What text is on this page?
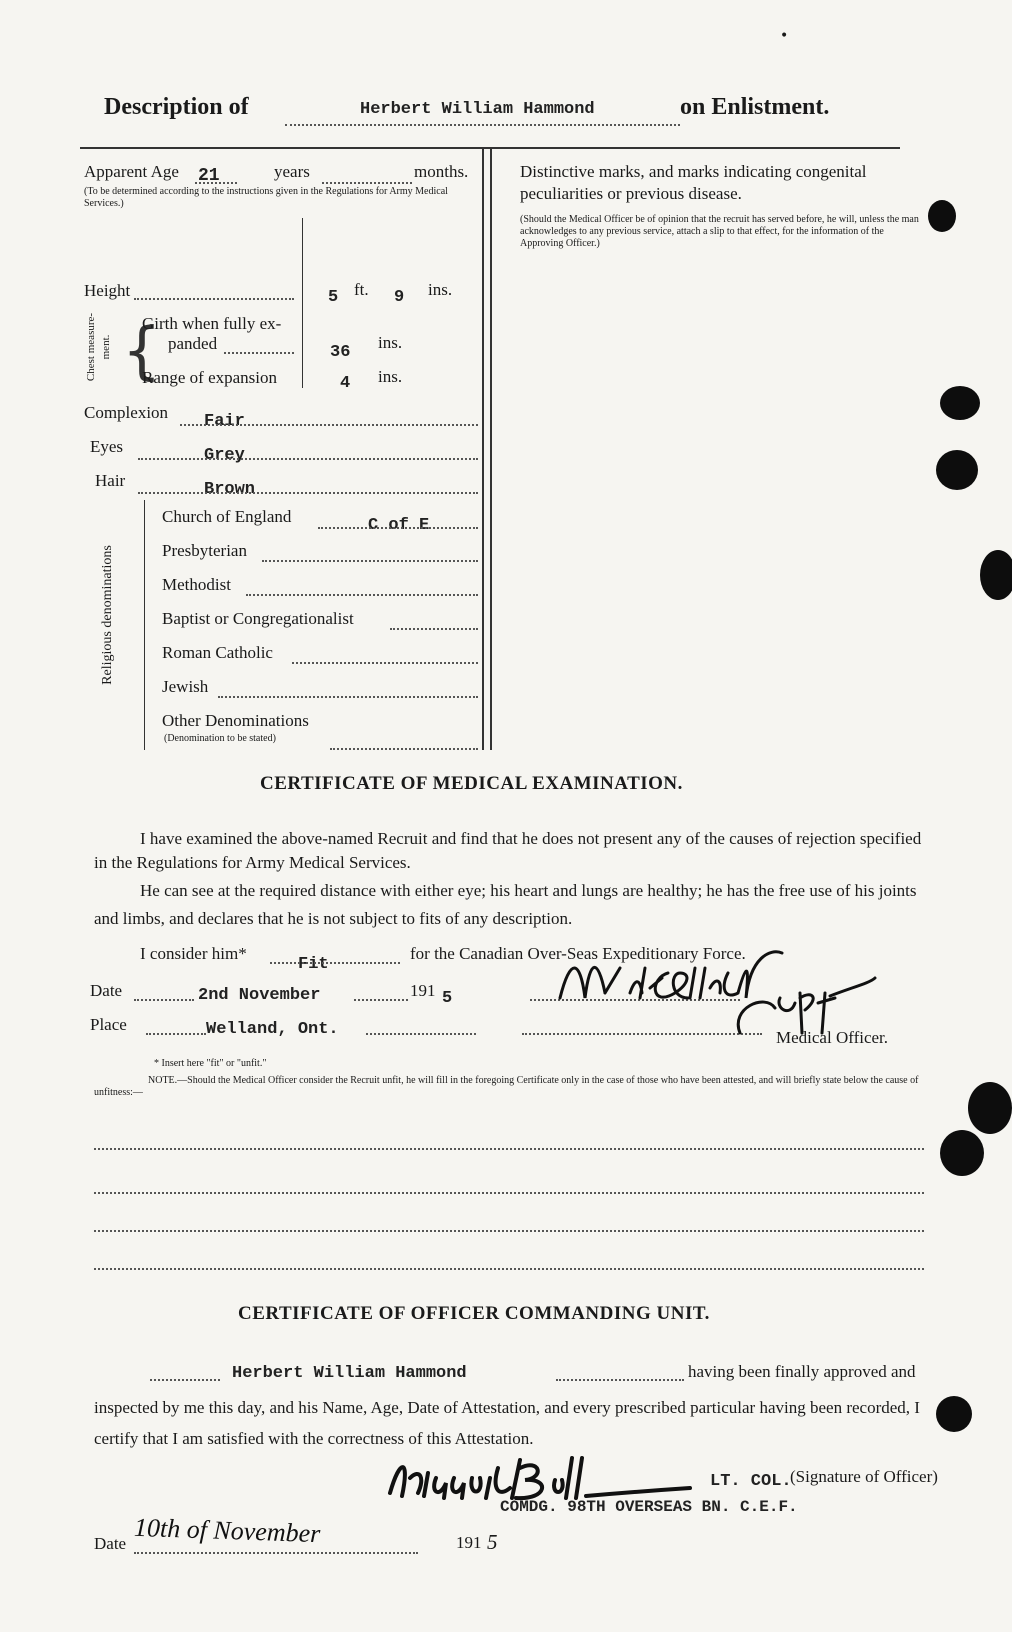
•
Description of	Herbert William Hammond	on Enlistment.
Apparent Age 21	years	months.
(To be determined according to the instructions given in the Regulations for Army Medical Services.)
Height	5 ft. 9 ins.
Chest measure-ment. {
Girth when fully ex-
panded	36
ins.
Range of expansion	4 ins.
Complexion Fair
Eyes	Grey
Hair	Brown
Religious denominations
Church of England	C of E
Presbyterian
Methodist
Baptist or Congregationalist
Roman Catholic
Jewish
Other Denominations
(Denomination to be stated)
Distinctive marks, and marks indicating congenital
peculiarities or previous disease.
(Should the Medical Officer be of opinion that the recruit has served before, he will, unless the man acknowledges to any previous service, attach a slip to that effect, for the information of the Approving Officer.)
CERTIFICATE OF MEDICAL EXAMINATION.
I have examined the above-named Recruit and find that he does not present any of the causes of rejection specified in the Regulations for Army Medical Services.
He can see at the required distance with either eye; his heart and lungs are healthy; he has the free use of his joints and limbs, and declares that he is not subject to fits of any description.
I consider him*
Fit
for the Canadian Over-Seas Expeditionary Force.
Date	2nd November	191 5
Place	Welland, Ont.	Medical Officer.
* Insert here "fit" or "unfit."
NOTE.—Should the Medical Officer consider the Recruit unfit, he will fill in the foregoing Certificate only in the case of those who have been attested, and will briefly state below the cause of unfitness:—
CERTIFICATE OF OFFICER COMMANDING UNIT.
Herbert William Hammond	having been finally approved and
inspected by me this day, and his Name, Age, Date of Attestation, and every prescribed particular having been recorded, I certify that I am satisfied with the correctness of this Attestation.
LT. COL.
(Signature of Officer)
COMDG. 98TH OVERSEAS BN. C.E.F.
Date 10th of November	191 5
